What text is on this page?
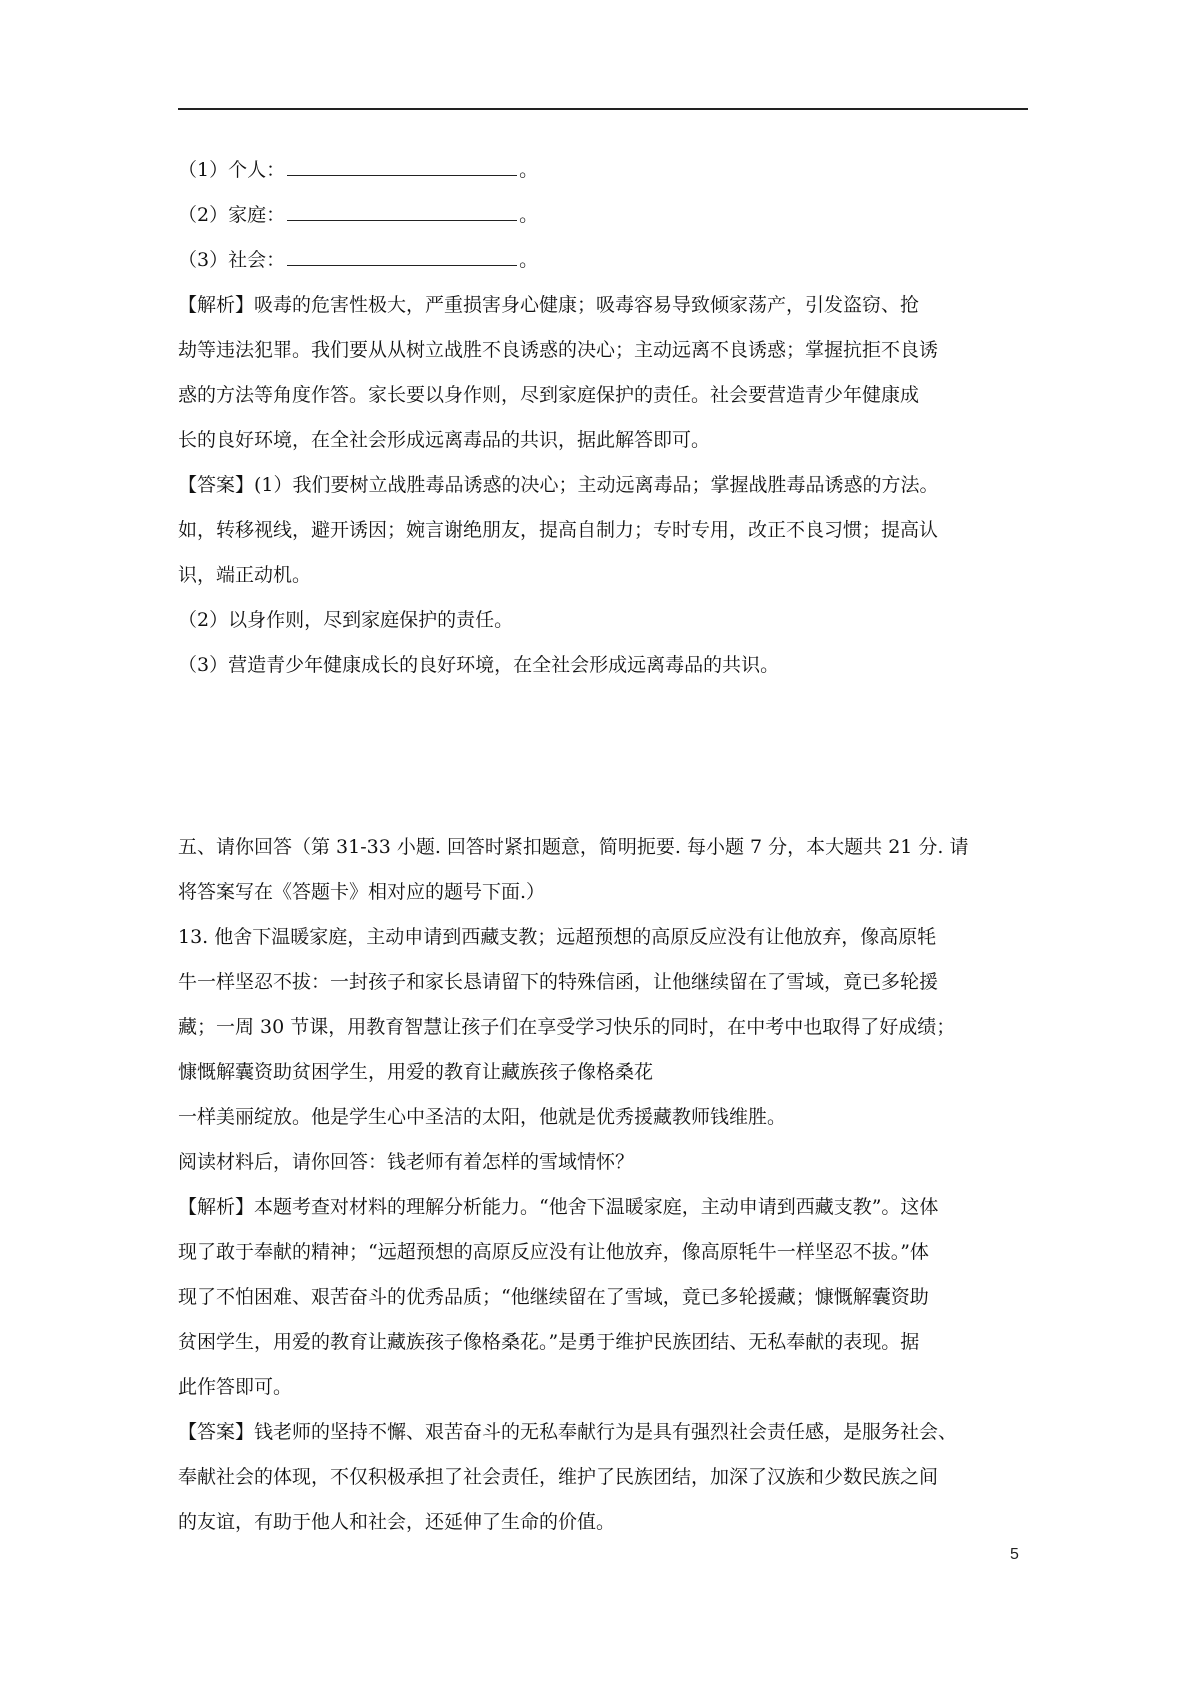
（1）个人：	。
（2）家庭：	。
（3）社会：	。
【解析】吸毒的危害性极大，严重损害身心健康；吸毒容易导致倾家荡产，引发盗窃、抢
劫等违法犯罪。我们要从从树立战胜不良诱惑的决心；主动远离不良诱惑；掌握抗拒不良诱
惑的方法等角度作答。家长要以身作则，尽到家庭保护的责任。社会要营造青少年健康成
长的良好环境，在全社会形成远离毒品的共识，据此解答即可。
【答案】(1）我们要树立战胜毒品诱惑的决心；主动远离毒品；掌握战胜毒品诱惑的方法。
如，转移视线，避开诱因；婉言谢绝朋友，提高自制力；专时专用，改正不良习惯；提高认
识，端正动机。
（2）以身作则，尽到家庭保护的责任。
（3）营造青少年健康成长的良好环境，在全社会形成远离毒品的共识。
五、请你回答（第 31-33 小题. 回答时紧扣题意，简明扼要. 每小题 7 分，本大题共 21 分. 请
将答案写在《答题卡》相对应的题号下面.）
13. 他舍下温暖家庭，主动申请到西藏支教；远超预想的高原反应没有让他放弃，像高原牦
牛一样坚忍不拔：一封孩子和家长恳请留下的特殊信函，让他继续留在了雪域，竟已多轮援
藏；一周 30 节课，用教育智慧让孩子们在享受学习快乐的同时，在中考中也取得了好成绩；
慷慨解囊资助贫困学生，用爱的教育让藏族孩子像格桑花
一样美丽绽放。他是学生心中圣洁的太阳，他就是优秀援藏教师钱维胜。
阅读材料后，请你回答：钱老师有着怎样的雪域情怀？
【解析】本题考查对材料的理解分析能力。“他舍下温暖家庭，主动申请到西藏支教”。这体
现了敢于奉献的精神；“远超预想的高原反应没有让他放弃，像高原牦牛一样坚忍不拔。”体
现了不怕困难、艰苦奋斗的优秀品质；“他继续留在了雪域，竟已多轮援藏；慷慨解囊资助
贫困学生，用爱的教育让藏族孩子像格桑花。”是勇于维护民族团结、无私奉献的表现。据
此作答即可。
【答案】钱老师的坚持不懈、艰苦奋斗的无私奉献行为是具有强烈社会责任感，是服务社会、
奉献社会的体现，不仅积极承担了社会责任，维护了民族团结，加深了汉族和少数民族之间
的友谊，有助于他人和社会，还延伸了生命的价值。
5
